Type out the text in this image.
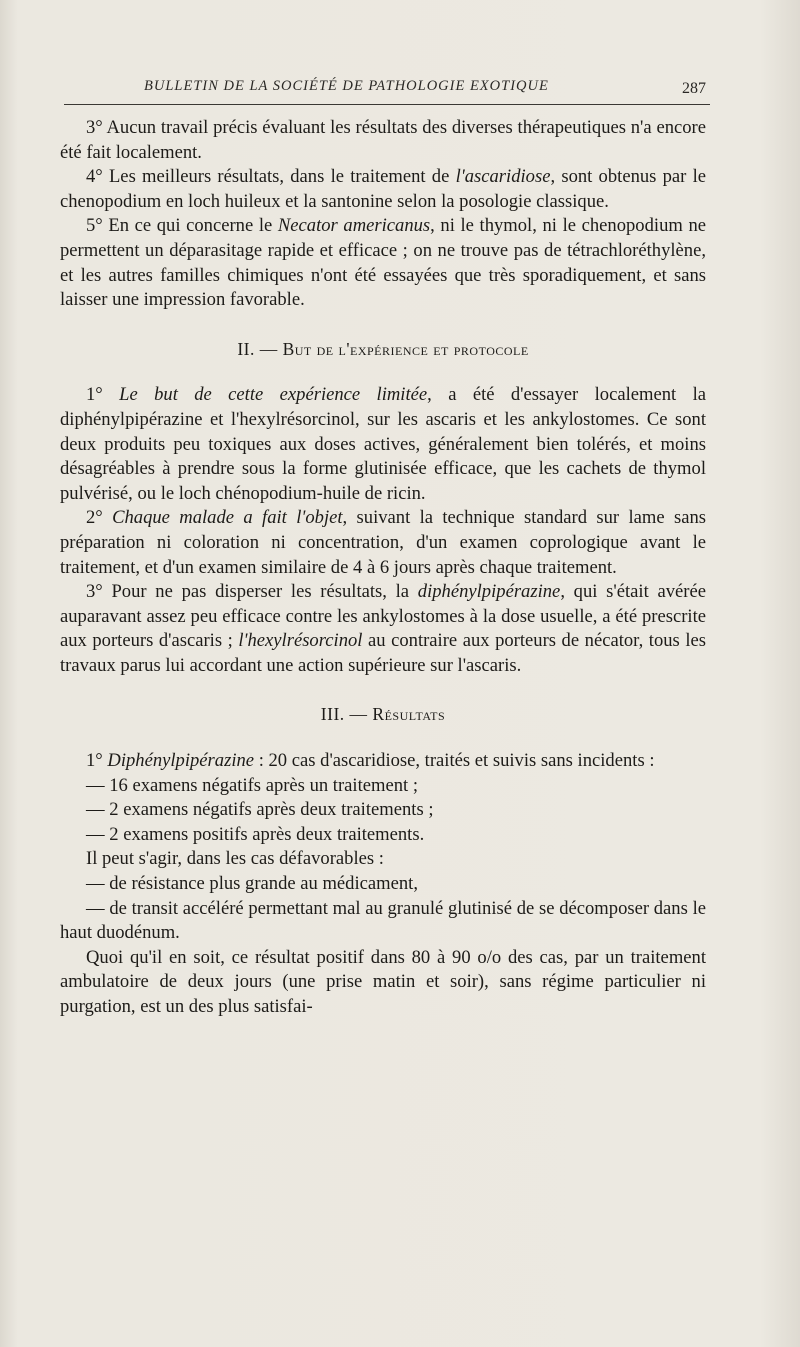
BULLETIN DE LA SOCIÉTÉ DE PATHOLOGIE EXOTIQUE	287

3° Aucun travail précis évaluant les résultats des diverses thérapeutiques n'a encore été fait localement.

4° Les meilleurs résultats, dans le traitement de l'ascaridiose, sont obtenus par le chenopodium en loch huileux et la santonine selon la posologie classique.

5° En ce qui concerne le Necator americanus, ni le thymol, ni le chenopodium ne permettent un déparasitage rapide et efficace ; on ne trouve pas de tétrachloréthylène, et les autres familles chimiques n'ont été essayées que très sporadiquement, et sans laisser une impression favorable.

II. — But de l'expérience et protocole

1° Le but de cette expérience limitée, a été d'essayer localement la diphénylpipérazine et l'hexylrésorcinol, sur les ascaris et les ankylostomes. Ce sont deux produits peu toxiques aux doses actives, généralement bien tolérés, et moins désagréables à prendre sous la forme glutinisée efficace, que les cachets de thymol pulvérisé, ou le loch chénopodium-huile de ricin.

2° Chaque malade a fait l'objet, suivant la technique standard sur lame sans préparation ni coloration ni concentration, d'un examen coprologique avant le traitement, et d'un examen similaire de 4 à 6 jours après chaque traitement.

3° Pour ne pas disperser les résultats, la diphénylpipérazine, qui s'était avérée auparavant assez peu efficace contre les ankylostomes à la dose usuelle, a été prescrite aux porteurs d'ascaris ; l'hexylrésorcinol au contraire aux porteurs de nécator, tous les travaux parus lui accordant une action supérieure sur l'ascaris.

III. — Résultats

1° Diphénylpipérazine : 20 cas d'ascaridiose, traités et suivis sans incidents :

— 16 examens négatifs après un traitement ;

— 2 examens négatifs après deux traitements ;

— 2 examens positifs après deux traitements.

Il peut s'agir, dans les cas défavorables :

— de résistance plus grande au médicament,

— de transit accéléré permettant mal au granulé glutinisé de se décomposer dans le haut duodénum.

Quoi qu'il en soit, ce résultat positif dans 80 à 90 o/o des cas, par un traitement ambulatoire de deux jours (une prise matin et soir), sans régime particulier ni purgation, est un des plus satisfai-
